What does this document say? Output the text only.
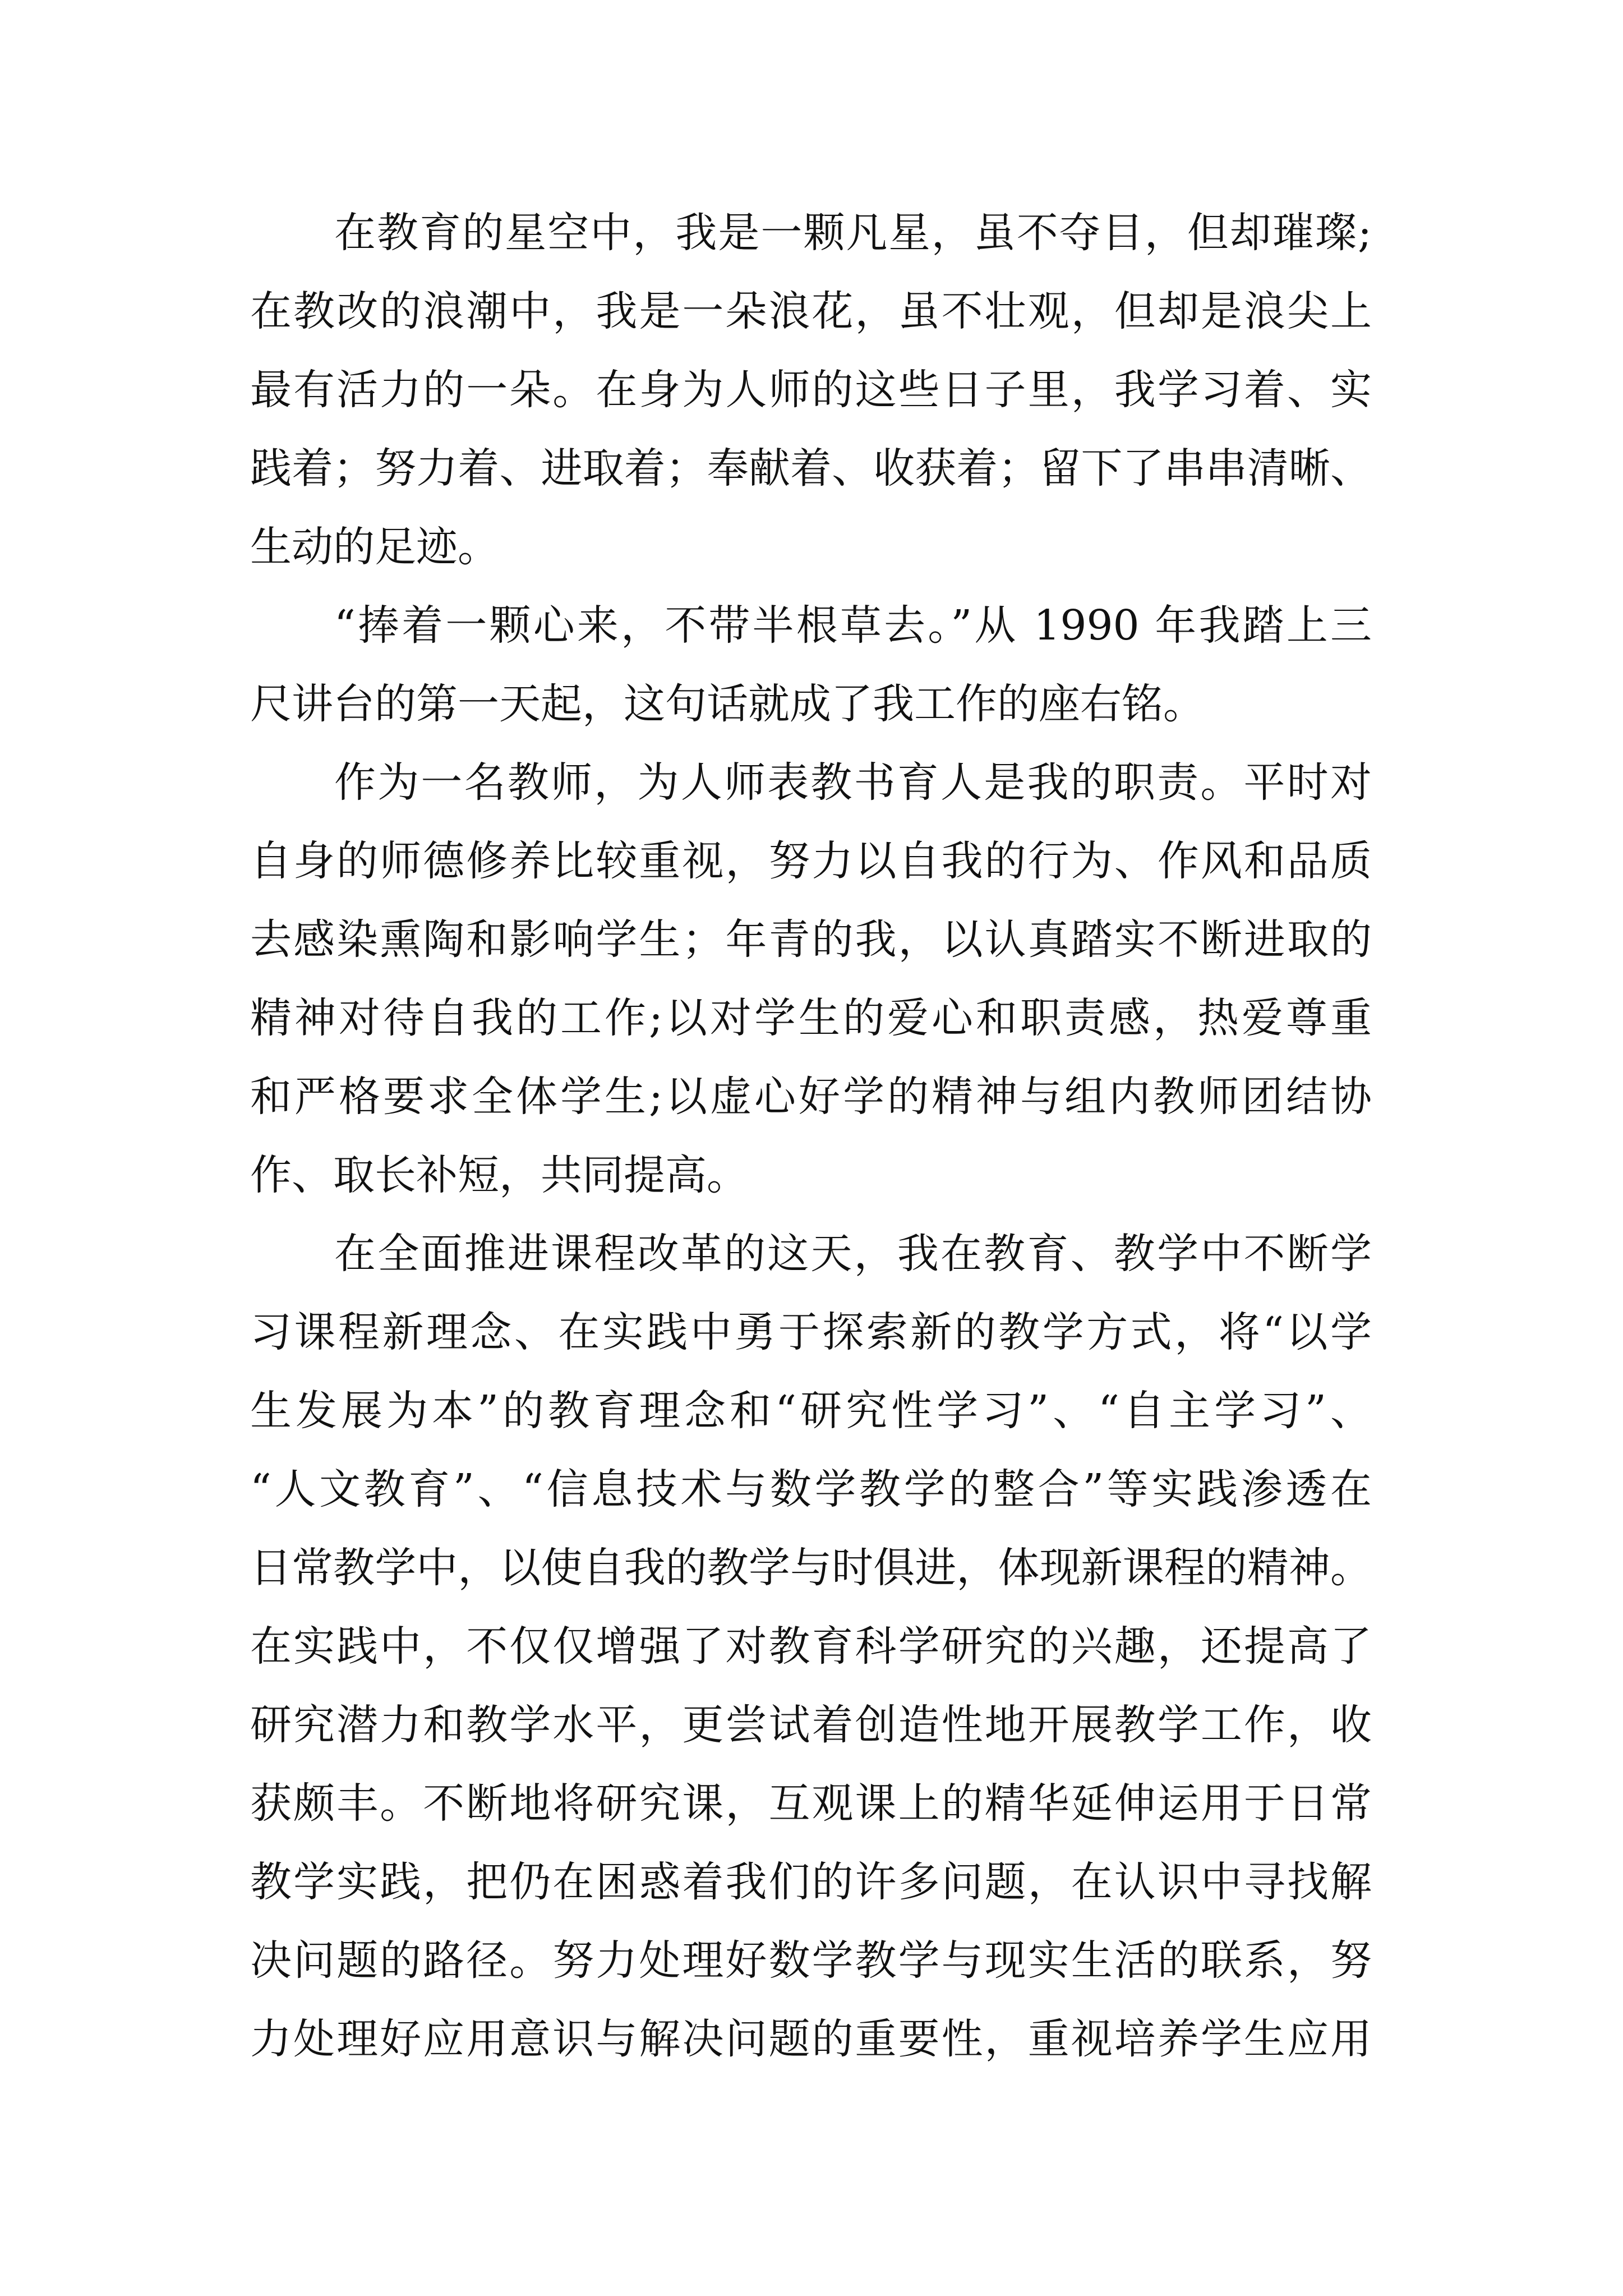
在教育的星空中，我是一颗凡星，虽不夺目，但却璀璨;
在教改的浪潮中，我是一朵浪花，虽不壮观，但却是浪尖上
最有活力的一朵。在身为人师的这些日子里，我学习着、实
践着；努力着、进取着；奉献着、收获着；留下了串串清晰、
生动的足迹。
“捧着一颗心来，不带半根草去。”从 1990 年我踏上三
尺讲台的第一天起，这句话就成了我工作的座右铭。
作为一名教师，为人师表教书育人是我的职责。平时对
自身的师德修养比较重视，努力以自我的行为、作风和品质
去感染熏陶和影响学生；年青的我，以认真踏实不断进取的
精神对待自我的工作;以对学生的爱心和职责感，热爱尊重
和严格要求全体学生;以虚心好学的精神与组内教师团结协
作、取长补短，共同提高。
在全面推进课程改革的这天，我在教育、教学中不断学
习课程新理念、在实践中勇于探索新的教学方式，将“以学
生发展为本”的教育理念和“研究性学习”、“自主学习”、
“人文教育”、“信息技术与数学教学的整合”等实践渗透在
日常教学中，以使自我的教学与时俱进，体现新课程的精神。
在实践中，不仅仅增强了对教育科学研究的兴趣，还提高了
研究潜力和教学水平，更尝试着创造性地开展教学工作，收
获颇丰。不断地将研究课，互观课上的精华延伸运用于日常
教学实践，把仍在困惑着我们的许多问题，在认识中寻找解
决问题的路径。努力处理好数学教学与现实生活的联系，努
力处理好应用意识与解决问题的重要性，重视培养学生应用
